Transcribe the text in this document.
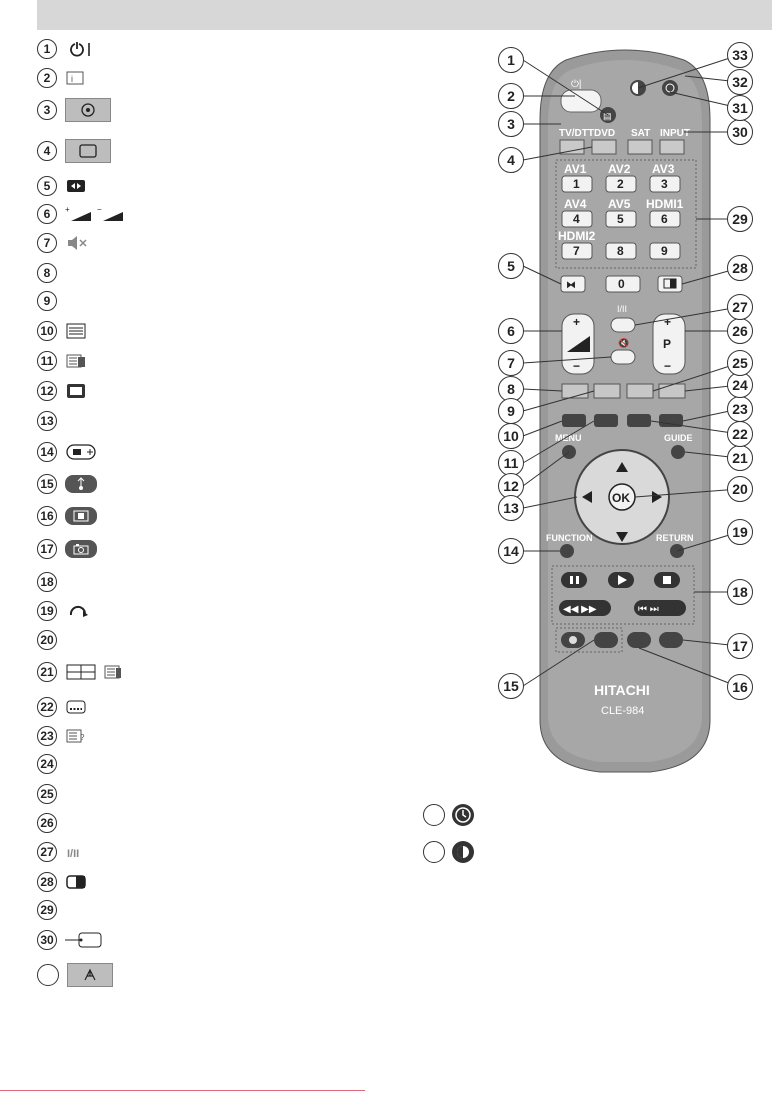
1
2	i
3
4
5
6	+	−
7
8
9
10
11
12
13
14
15
16
17
18
19
20
21
22
23	?
24
25
26
27	I/II
28
29
30
⏻|
▤
TV/DTT DVD SAT INPUT
AV1
1
AV2
2
AV3
3
AV4
4
AV5
5
HDMI1
6
HDMI2
7	8	9
0
⧓
+
−
+
P
−
I/II
🔇
MENU	GUIDE
OK
FUNCTION	RETURN
◀◀ ▶▶	⏮ ⏭
HITACHI
CLE-984
1
2
3
4
5
6
7
8
9
10
11
12
13
14
15	16
17
18
19
20
21
22
23
24
25
26
27
28
29
30
31
32
33
